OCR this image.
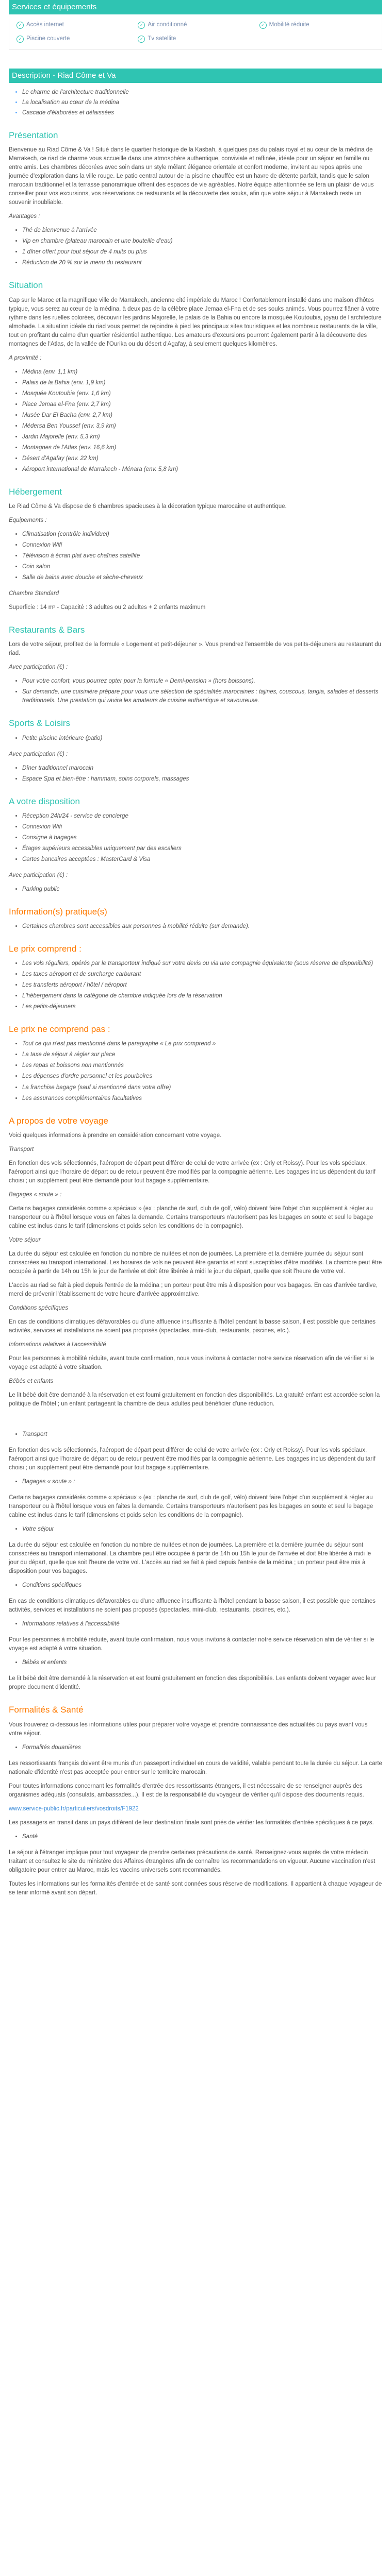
Services et équipements
✓ Accès internet	✓ Air conditionné	✓ Mobilité réduite
✓ Piscine couverte	✓ Tv satellite
Description - Riad Côme et Va
• Le charme de l'architecture traditionnelle
• La localisation au cœur de la médina
• Cascade d'élaborées et délaissées
Présentation

Bienvenue au Riad Côme & Va ! Situé dans le quartier historique de la Kasbah, à quelques pas du palais royal et au cœur de la médina de Marrakech, ce riad de charme vous accueille dans une atmosphère authentique, conviviale et raffinée, idéale pour un séjour en famille ou entre amis. Les chambres décorées avec soin dans un style mêlant élégance orientale et confort moderne, invitent au repos après une journée d'exploration dans la ville rouge. Le patio central autour de la piscine chauffée est un havre de détente parfait, tandis que le salon marocain traditionnel et la terrasse panoramique offrent des espaces de vie agréables. Notre équipe attentionnée se fera un plaisir de vous conseiller pour vos excursions, vos réservations de restaurants et la découverte des souks, afin que votre séjour à Marrakech reste un souvenir inoubliable.

Avantages :

• Thé de bienvenue à l'arrivée
• Vip en chambre (plateau marocain et une bouteille d'eau)
• 1 dîner offert pour tout séjour de 4 nuits ou plus
• Réduction de 20 % sur le menu du restaurant
Situation

Cap sur le Maroc et la magnifique ville de Marrakech, ancienne cité impériale du Maroc ! Confortablement installé dans une maison d'hôtes typique, vous serez au cœur de la médina, à deux pas de la célèbre place Jemaa el-Fna et de ses souks animés. Vous pourrez flâner à votre rythme dans les ruelles colorées, découvrir les jardins Majorelle, le palais de la Bahia ou encore la mosquée Koutoubia, joyau de l'architecture almohade. La situation idéale du riad vous permet de rejoindre à pied les principaux sites touristiques et les nombreux restaurants de la ville, tout en profitant du calme d'un quartier résidentiel authentique. Les amateurs d'excursions pourront également partir à la découverte des montagnes de l'Atlas, de la vallée de l'Ourika ou du désert d'Agafay, à seulement quelques kilomètres.

A proximité :

• Médina (env. 1,1 km)
• Palais de la Bahia (env. 1,9 km)
• Mosquée Koutoubia (env. 1,6 km)
• Place Jemaa el-Fna (env. 2,7 km)
• Musée Dar El Bacha (env. 2,7 km)
• Médersa Ben Youssef (env. 3,9 km)
• Jardin Majorelle (env. 5,3 km)
• Montagnes de l'Atlas (env. 16,6 km)
• Désert d'Agafay (env. 22 km)
• Aéroport international de Marrakech - Ménara (env. 5,8 km)
Hébergement

Le Riad Côme & Va dispose de 6 chambres spacieuses à la décoration typique marocaine et authentique.

Equipements :

• Climatisation (contrôle individuel)
• Connexion Wifi
• Télévision à écran plat avec chaînes satellite
• Coin salon
• Salle de bains avec douche et sèche-cheveux

Chambre Standard

Superficie : 14 m² - Capacité : 3 adultes ou 2 adultes + 2 enfants maximum

Restaurants & Bars

Lors de votre séjour, profitez de la formule « Logement et petit-déjeuner ». Vous prendrez l'ensemble de vos petits-déjeuners au restaurant du riad.

Avec participation (€) :

• Pour votre confort, vous pourrez opter pour la formule « Demi-pension » (hors boissons).
• Sur demande, une cuisinière prépare pour vous une sélection de spécialités marocaines : tajines, couscous, tangia, salades et desserts traditionnels. Une prestation qui ravira les amateurs de cuisine authentique et savoureuse.
Sports & Loisirs
• Petite piscine intérieure (patio)

Avec participation (€) :

• Dîner traditionnel marocain
• Espace Spa et bien-être : hammam, soins corporels, massages
A votre disposition
• Réception 24h/24 - service de concierge
• Connexion Wifi
• Consigne à bagages
• Étages supérieurs accessibles uniquement par des escaliers
• Cartes bancaires acceptées : MasterCard & Visa

Avec participation (€) :

• Parking public
Information(s) pratique(s)
• Certaines chambres sont accessibles aux personnes à mobilité réduite (sur demande).
Le prix comprend :
• Les vols réguliers, opérés par le transporteur indiqué sur votre devis ou via une compagnie équivalente (sous réserve de disponibilité)
• Les taxes aéroport et de surcharge carburant
• Les transferts aéroport / hôtel / aéroport
• L'hébergement dans la catégorie de chambre indiquée lors de la réservation
• Les petits-déjeuners
Le prix ne comprend pas :
• Tout ce qui n'est pas mentionné dans le paragraphe « Le prix comprend »
• La taxe de séjour à régler sur place
• Les repas et boissons non mentionnés
• Les dépenses d'ordre personnel et les pourboires
• La franchise bagage (sauf si mentionné dans votre offre)
• Les assurances complémentaires facultatives
A propos de votre voyage

Voici quelques informations à prendre en considération concernant votre voyage.

Transport

En fonction des vols sélectionnés, l'aéroport de départ peut différer de celui de votre arrivée (ex : Orly et Roissy). Pour les vols spéciaux, l'aéroport ainsi que l'horaire de départ ou de retour peuvent être modifiés par la compagnie aérienne. Les bagages inclus dépendent du tarif choisi ; un supplément peut être demandé pour tout bagage supplémentaire.

Bagages « soute » :

Certains bagages considérés comme « spéciaux » (ex : planche de surf, club de golf, vélo) doivent faire l'objet d'un supplément à régler au transporteur ou à l'hôtel lorsque vous en faites la demande. Certains transporteurs n'autorisent pas les bagages en soute et seul le bagage cabine est inclus dans le tarif (dimensions et poids selon les conditions de la compagnie).

Votre séjour

La durée du séjour est calculée en fonction du nombre de nuitées et non de journées. La première et la dernière journée du séjour sont consacrées au transport international. Les horaires de vols ne peuvent être garantis et sont susceptibles d'être modifiés. La chambre peut être occupée à partir de 14h ou 15h le jour de l'arrivée et doit être libérée à midi le jour du départ, quelle que soit l'heure de votre vol.

L'accès au riad se fait à pied depuis l'entrée de la médina ; un porteur peut être mis à disposition pour vos bagages. En cas d'arrivée tardive, merci de prévenir l'établissement de votre heure d'arrivée approximative.

Conditions spécifiques

En cas de conditions climatiques défavorables ou d'une affluence insuffisante à l'hôtel pendant la basse saison, il est possible que certaines activités, services et installations ne soient pas proposés (spectacles, mini-club, restaurants, piscines, etc.).

Informations relatives à l'accessibilité

Pour les personnes à mobilité réduite, avant toute confirmation, nous vous invitons à contacter notre service réservation afin de vérifier si le voyage est adapté à votre situation.

Bébés et enfants

Le lit bébé doit être demandé à la réservation et est fourni gratuitement en fonction des disponibilités. La gratuité enfant est accordée selon la politique de l'hôtel ; un enfant partageant la chambre de deux adultes peut bénéficier d'une réduction.

• Transport

En fonction des vols sélectionnés, l'aéroport de départ peut différer de celui de votre arrivée (ex : Orly et Roissy). Pour les vols spéciaux, l'aéroport ainsi que l'horaire de départ ou de retour peuvent être modifiés par la compagnie aérienne. Les bagages inclus dépendent du tarif choisi ; un supplément peut être demandé pour tout bagage supplémentaire.

• Bagages « soute » :

Certains bagages considérés comme « spéciaux » (ex : planche de surf, club de golf, vélo) doivent faire l'objet d'un supplément à régler au transporteur ou à l'hôtel lorsque vous en faites la demande. Certains transporteurs n'autorisent pas les bagages en soute et seul le bagage cabine est inclus dans le tarif (dimensions et poids selon les conditions de la compagnie).

• Votre séjour

La durée du séjour est calculée en fonction du nombre de nuitées et non de journées. La première et la dernière journée du séjour sont consacrées au transport international. La chambre peut être occupée à partir de 14h ou 15h le jour de l'arrivée et doit être libérée à midi le jour du départ, quelle que soit l'heure de votre vol. L'accès au riad se fait à pied depuis l'entrée de la médina ; un porteur peut être mis à disposition pour vos bagages.

• Conditions spécifiques

En cas de conditions climatiques défavorables ou d'une affluence insuffisante à l'hôtel pendant la basse saison, il est possible que certaines activités, services et installations ne soient pas proposés (spectacles, mini-club, restaurants, piscines, etc.).

• Informations relatives à l'accessibilité

Pour les personnes à mobilité réduite, avant toute confirmation, nous vous invitons à contacter notre service réservation afin de vérifier si le voyage est adapté à votre situation.

• Bébés et enfants

Le lit bébé doit être demandé à la réservation et est fourni gratuitement en fonction des disponibilités. Les enfants doivent voyager avec leur propre document d'identité.

Formalités & Santé

Vous trouverez ci-dessous les informations utiles pour préparer votre voyage et prendre connaissance des actualités du pays avant vous votre séjour.

• Formalités douanières

Les ressortissants français doivent être munis d'un passeport individuel en cours de validité, valable pendant toute la durée du séjour. La carte nationale d'identité n'est pas acceptée pour entrer sur le territoire marocain.

Pour toutes informations concernant les formalités d'entrée des ressortissants étrangers, il est nécessaire de se renseigner auprès des organismes adéquats (consulats, ambassades...). Il est de la responsabilité du voyageur de vérifier qu'il dispose des documents requis.

www.service-public.fr/particuliers/vosdroits/F1922

Les passagers en transit dans un pays différent de leur destination finale sont priés de vérifier les formalités d'entrée spécifiques à ce pays.

• Santé

Le séjour à l'étranger implique pour tout voyageur de prendre certaines précautions de santé. Renseignez-vous auprès de votre médecin traitant et consultez le site du ministère des Affaires étrangères afin de connaître les recommandations en vigueur. Aucune vaccination n'est obligatoire pour entrer au Maroc, mais les vaccins universels sont recommandés.

Toutes les informations sur les formalités d'entrée et de santé sont données sous réserve de modifications. Il appartient à chaque voyageur de se tenir informé avant son départ.
